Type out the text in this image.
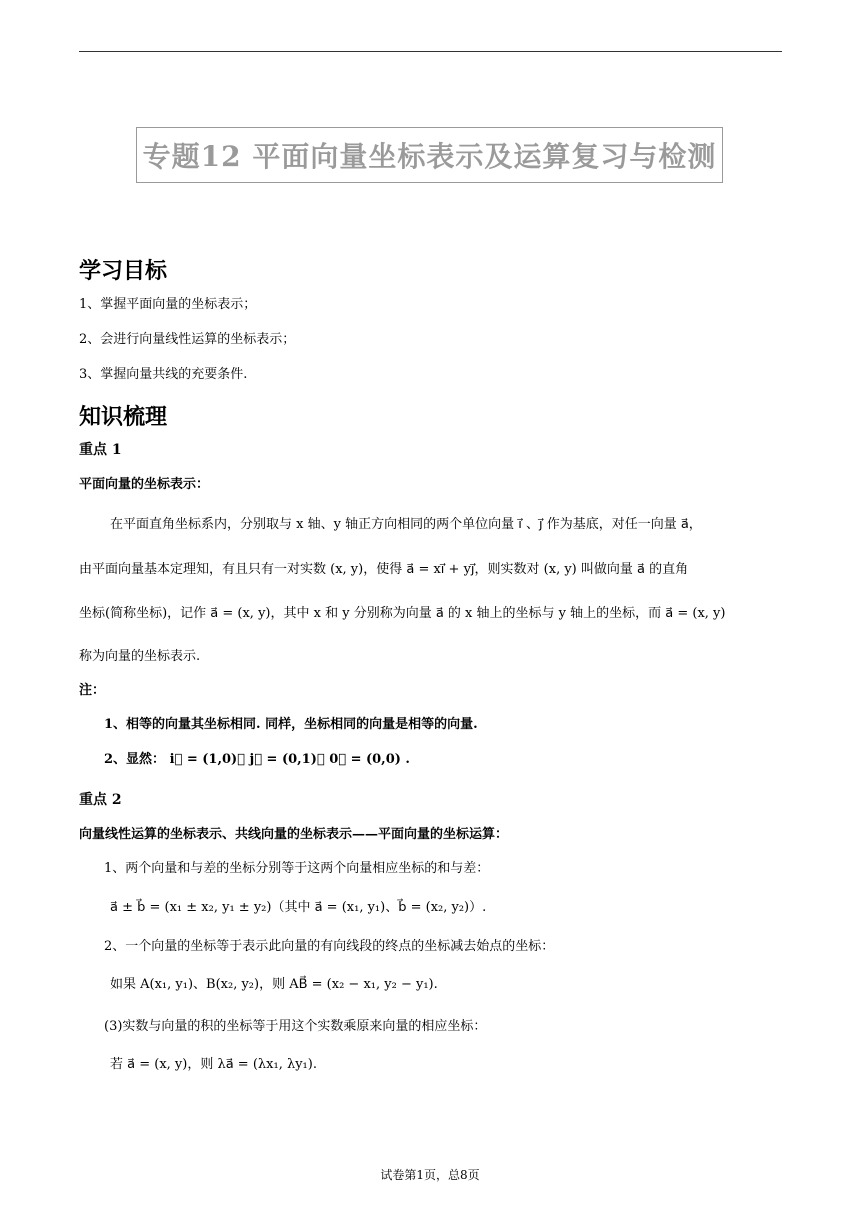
专题12 平面向量坐标表示及运算复习与检测
学习目标
1、掌握平面向量的坐标表示；
2、会进行向量线性运算的坐标表示；
3、掌握向量共线的充要条件.
知识梳理
重点 1
平面向量的坐标表示：
在平面直角坐标系内，分别取与 x 轴、y 轴正方向相同的两个单位向量 i⃗ 、j⃗ 作为基底，对任一向量 a⃗，
由平面向量基本定理知，有且只有一对实数 (x, y)，使得 a⃗ = xi⃗ + yj⃗，则实数对 (x, y) 叫做向量 a⃗ 的直角
坐标(简称坐标)，记作 a⃗ = (x, y)，其中 x 和 y 分别称为向量 a⃗ 的 x 轴上的坐标与 y 轴上的坐标，而 a⃗ = (x, y)
称为向量的坐标表示.
注：
1、相等的向量其坐标相同. 同样，坐标相同的向量是相等的向量.
2、显然： i⃗ = (1,0)， j⃗ = (0,1)， 0⃗ = (0,0) .
重点 2
向量线性运算的坐标表示、共线向量的坐标表示——平面向量的坐标运算：
1、两个向量和与差的坐标分别等于这两个向量相应坐标的和与差：
a⃗ ± b⃗ = (x₁ ± x₂, y₁ ± y₂)（其中 a⃗ = (x₁, y₁)、b⃗ = (x₂, y₂)）.
2、一个向量的坐标等于表示此向量的有向线段的终点的坐标减去始点的坐标：
如果 A(x₁, y₁)、B(x₂, y₂)，则 AB⃗ = (x₂ − x₁, y₂ − y₁).
(3)实数与向量的积的坐标等于用这个实数乘原来向量的相应坐标：
若 a⃗ = (x, y)，则 λa⃗ = (λx₁, λy₁).
试卷第1页，总8页
